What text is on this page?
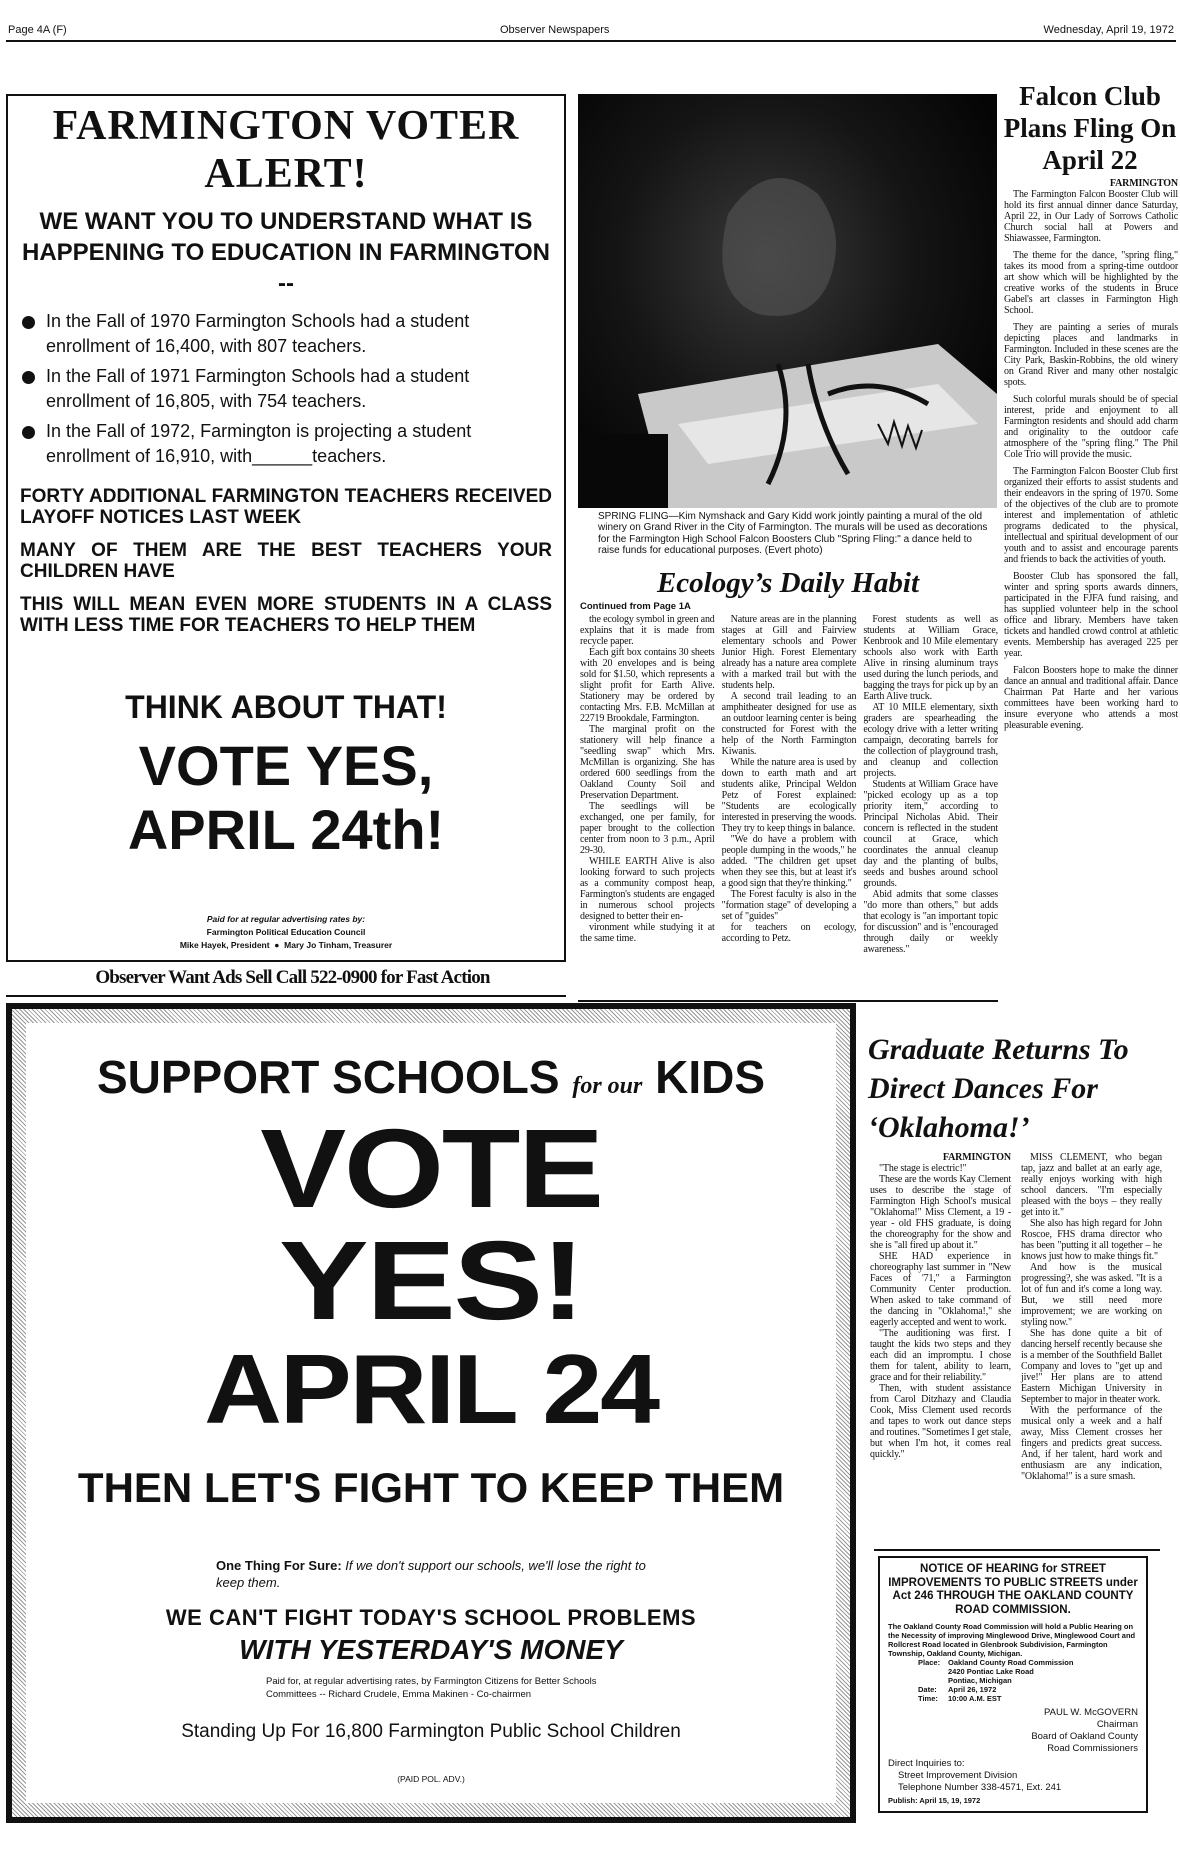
Page 4A (F)	Observer Newspapers	Wednesday, April 19, 1972
FARMINGTON VOTER
ALERT!
WE WANT YOU TO UNDERSTAND WHAT IS HAPPENING TO EDUCATION IN FARMINGTON --
In the Fall of 1970 Farmington Schools had a student enrollment of 16,400, with 807 teachers.
In the Fall of 1971 Farmington Schools had a student enrollment of 16,805, with 754 teachers.
In the Fall of 1972, Farmington is projecting a student enrollment of 16,910, with______teachers.
FORTY ADDITIONAL FARMINGTON TEACHERS RECEIVED LAYOFF NOTICES LAST WEEK
MANY OF THEM ARE THE BEST TEACHERS YOUR CHILDREN HAVE
THIS WILL MEAN EVEN MORE STUDENTS IN A CLASS WITH LESS TIME FOR TEACHERS TO HELP THEM
THINK ABOUT THAT!
VOTE YES,
APRIL 24th!
Paid for at regular advertising rates by:
Farmington Political Education Council
Mike Hayek, President  ●  Mary Jo Tinham, Treasurer
Observer Want Ads Sell Call 522-0900 for Fast Action
SPRING FLING—Kim Nymshack and Gary Kidd work jointly painting a mural of the old winery on Grand River in the City of Farmington. The murals will be used as decorations for the Farmington High School Falcon Boosters Club "Spring Fling:" a dance held to raise funds for educational purposes. (Evert photo)
Ecology’s Daily Habit
Continued from Page 1A

the ecology symbol in green and explains that it is made from recycle paper.

Each gift box contains 30 sheets with 20 envelopes and is being sold for $1.50, which represents a slight profit for Earth Alive. Stationery may be ordered by contacting Mrs. F.B. McMillan at 22719 Brookdale, Farmington.

The marginal profit on the stationery will help finance a "seedling swap" which Mrs. McMillan is organizing. She has ordered 600 seedlings from the Oakland County Soil and Preservation Department.

The seedlings will be exchanged, one per family, for paper brought to the collection center from noon to 3 p.m., April 29-30.

WHILE EARTH Alive is also looking forward to such projects as a community compost heap, Farmington's students are engaged in numerous school projects designed to better their en-

vironment while studying it at the same time.

Nature areas are in the planning stages at Gill and Fairview elementary schools and Power Junior High. Forest Elementary already has a nature area complete with a marked trail but with the students help.

A second trail leading to an amphitheater designed for use as an outdoor learning center is being constructed for Forest with the help of the North Farmington Kiwanis.

While the nature area is used by down to earth math and art students alike, Principal Weldon Petz of Forest explained: "Students are ecologically interested in preserving the woods. They try to keep things in balance.

"We do have a problem with people dumping in the woods," he added. "The children get upset when they see this, but at least it's a good sign that they're thinking."

The Forest faculty is also in the "formation stage" of developing a set of "guides"

for teachers on ecology, according to Petz.

Forest students as well as students at William Grace, Kenbrook and 10 Mile elementary schools also work with Earth Alive in rinsing aluminum trays used during the lunch periods, and bagging the trays for pick up by an Earth Alive truck.

AT 10 MILE elementary, sixth graders are spearheading the ecology drive with a letter writing campaign, decorating barrels for the collection of playground trash, and cleanup and collection projects.

Students at William Grace have "picked ecology up as a top priority item," according to Principal Nicholas Abid. Their concern is reflected in the student council at Grace, which coordinates the annual cleanup day and the planting of bulbs, seeds and bushes around school grounds.

Abid admits that some classes "do more than others," but adds that ecology is "an important topic for discussion" and is "encouraged through daily or weekly awareness."

Falcon Club Plans Fling On April 22

FARMINGTON

The Farmington Falcon Booster Club will hold its first annual dinner dance Saturday, April 22, in Our Lady of Sorrows Catholic Church social hall at Powers and Shiawassee, Farmington.

The theme for the dance, "spring fling," takes its mood from a spring-time outdoor art show which will be highlighted by the creative works of the students in Bruce Gabel's art classes in Farmington High School.

They are painting a series of murals depicting places and landmarks in Farmington. Included in these scenes are the City Park, Baskin-Robbins, the old winery on Grand River and many other nostalgic spots.

Such colorful murals should be of special interest, pride and enjoyment to all Farmington residents and should add charm and originality to the outdoor cafe atmosphere of the "spring fling." The Phil Cole Trio will provide the music.

The Farmington Falcon Booster Club first organized their efforts to assist students and their endeavors in the spring of 1970. Some of the objectives of the club are to promote interest and implementation of athletic programs dedicated to the physical, intellectual and spiritual development of our youth and to assist and encourage parents and friends to back the activities of youth.

Booster Club has sponsored the fall, winter and spring sports awards dinners, participated in the FJFA fund raising, and has supplied volunteer help in the school office and library. Members have taken tickets and handled crowd control at athletic events. Membership has averaged 225 per year.

Falcon Boosters hope to make the dinner dance an annual and traditional affair. Dance Chairman Pat Harte and her various committees have been working hard to insure everyone who attends a most pleasurable evening.

SUPPORT SCHOOLS for our KIDS
VOTE
YES!
APRIL 24
THEN LET'S FIGHT TO KEEP THEM
One Thing For Sure: If we don't support our schools, we'll lose the right to keep them.
WE CAN'T FIGHT TODAY'S SCHOOL PROBLEMS
WITH YESTERDAY'S MONEY
Paid for, at regular advertising rates, by Farmington Citizens for Better Schools Committees -- Richard Crudele, Emma Makinen - Co-chairmen
Standing Up For 16,800 Farmington Public School Children
(PAID POL. ADV.)
Graduate Returns To Direct Dances For ‘Oklahoma!’

FARMINGTON

"The stage is electric!"

These are the words Kay Clement uses to describe the stage of Farmington High School's musical "Oklahoma!" Miss Clement, a 19 - year - old FHS graduate, is doing the choreography for the show and she is "all fired up about it."

SHE HAD experience in choreography last summer in "New Faces of '71," a Farmington Community Center production. When asked to take command of the dancing in "Oklahoma!," she eagerly accepted and went to work.

"The auditioning was first. I taught the kids two steps and they each did an impromptu. I chose them for talent, ability to learn, grace and for their reliability."

Then, with student assistance from Carol Ditzhazy and Claudia Cook, Miss Clement used records and tapes to work out dance steps and routines. "Sometimes I get stale, but when I'm hot, it comes real quickly."

MISS CLEMENT, who began tap, jazz and ballet at an early age, really enjoys working with high school dancers. "I'm especially pleased with the boys – they really get into it."

She also has high regard for John Roscoe, FHS drama director who has been "putting it all together – he knows just how to make things fit."

And how is the musical progressing?, she was asked. "It is a lot of fun and it's come a long way. But, we still need more improvement; we are working on styling now."

She has done quite a bit of dancing herself recently because she is a member of the Southfield Ballet Company and loves to "get up and jive!" Her plans are to attend Eastern Michigan University in September to major in theater work.

With the performance of the musical only a week and a half away, Miss Clement crosses her fingers and predicts great success. And, if her talent, hard work and enthusiasm are any indication, "Oklahoma!" is a sure smash.

NOTICE OF HEARING for STREET IMPROVEMENTS TO PUBLIC STREETS under Act 246 THROUGH THE OAKLAND COUNTY ROAD COMMISSION.
The Oakland County Road Commission will hold a Public Hearing on the Necessity of improving Minglewood Drive, Minglewood Court and Rollcrest Road located in Glenbrook Subdivision, Farmington Township, Oakland County, Michigan.
Place:	Oakland County Road Commission
2420 Pontiac Lake Road
Pontiac, Michigan
Date:	April 26, 1972
Time:	10:00 A.M. EST
PAUL W. McGOVERN
Chairman
Board of Oakland County
Road Commissioners
Direct Inquiries to:
Street Improvement Division
Telephone Number 338-4571, Ext. 241
Publish: April 15, 19, 1972
